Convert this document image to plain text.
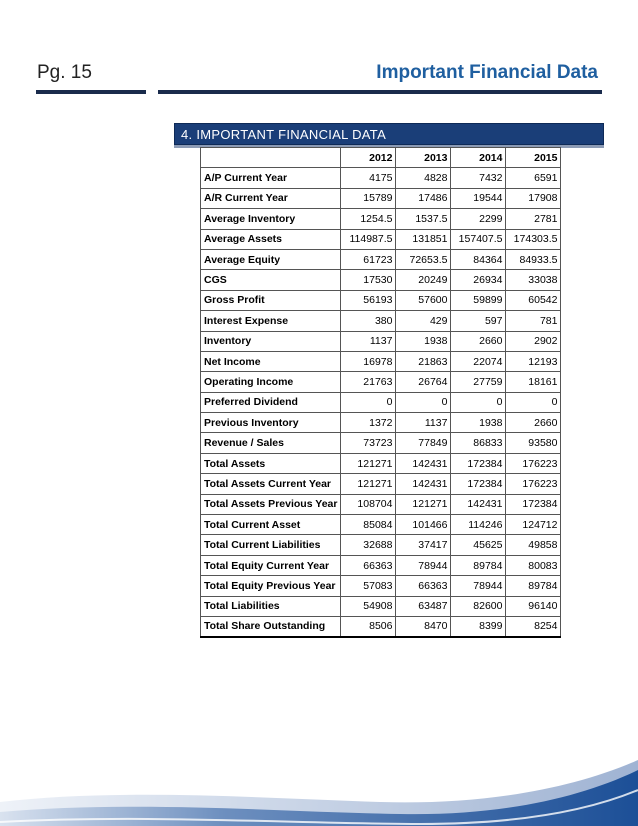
Pg. 15	Important Financial Data
4. IMPORTANT FINANCIAL DATA
	2012	2013	2014	2015
A/P Current Year	4175	4828	7432	6591
A/R Current Year	15789	17486	19544	17908
Average Inventory	1254.5	1537.5	2299	2781
Average Assets	114987.5	131851	157407.5	174303.5
Average Equity	61723	72653.5	84364	84933.5
CGS	17530	20249	26934	33038
Gross Profit	56193	57600	59899	60542
Interest Expense	380	429	597	781
Inventory	1137	1938	2660	2902
Net Income	16978	21863	22074	12193
Operating Income	21763	26764	27759	18161
Preferred Dividend	0	0	0	0
Previous Inventory	1372	1137	1938	2660
Revenue / Sales	73723	77849	86833	93580
Total Assets	121271	142431	172384	176223
Total Assets Current Year	121271	142431	172384	176223
Total Assets Previous Year	108704	121271	142431	172384
Total Current Asset	85084	101466	114246	124712
Total Current Liabilities	32688	37417	45625	49858
Total Equity Current Year	66363	78944	89784	80083
Total Equity Previous Year	57083	66363	78944	89784
Total Liabilities	54908	63487	82600	96140
Total Share Outstanding	8506	8470	8399	8254
